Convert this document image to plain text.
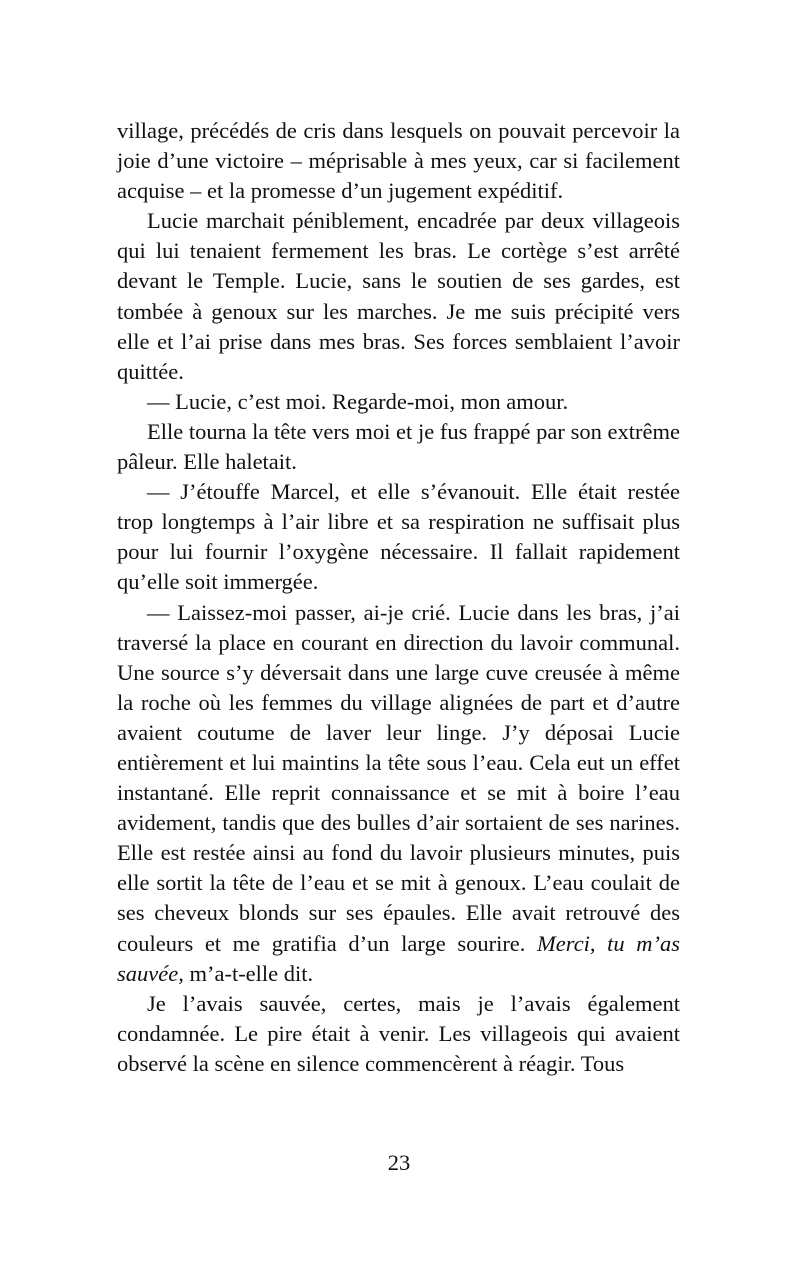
village, précédés de cris dans lesquels on pouvait percevoir la joie d’une victoire – méprisable à mes yeux, car si facilement acquise – et la promesse d’un jugement expéditif.

Lucie marchait péniblement, encadrée par deux villageois qui lui tenaient fermement les bras. Le cortège s’est arrêté devant le Temple. Lucie, sans le soutien de ses gardes, est tombée à genoux sur les marches. Je me suis précipité vers elle et l’ai prise dans mes bras. Ses forces semblaient l’avoir quittée.

— Lucie, c’est moi. Regarde-moi, mon amour.

Elle tourna la tête vers moi et je fus frappé par son extrême pâleur. Elle haletait.

— J’étouffe Marcel, et elle s’évanouit. Elle était restée trop longtemps à l’air libre et sa respiration ne suffisait plus pour lui fournir l’oxygène nécessaire. Il fallait rapidement qu’elle soit immergée.

— Laissez-moi passer, ai-je crié. Lucie dans les bras, j’ai traversé la place en courant en direction du lavoir communal. Une source s’y déversait dans une large cuve creusée à même la roche où les femmes du village alignées de part et d’autre avaient coutume de laver leur linge. J’y déposai Lucie entièrement et lui maintins la tête sous l’eau. Cela eut un effet instantané. Elle reprit connaissance et se mit à boire l’eau avidement, tandis que des bulles d’air sortaient de ses narines. Elle est restée ainsi au fond du lavoir plusieurs minutes, puis elle sortit la tête de l’eau et se mit à genoux. L’eau coulait de ses cheveux blonds sur ses épaules. Elle avait retrouvé des couleurs et me gratifia d’un large sourire. Merci, tu m’as sauvée, m’a-t-elle dit.

Je l’avais sauvée, certes, mais je l’avais également condamnée. Le pire était à venir. Les villageois qui avaient observé la scène en silence commencèrent à réagir. Tous

23
